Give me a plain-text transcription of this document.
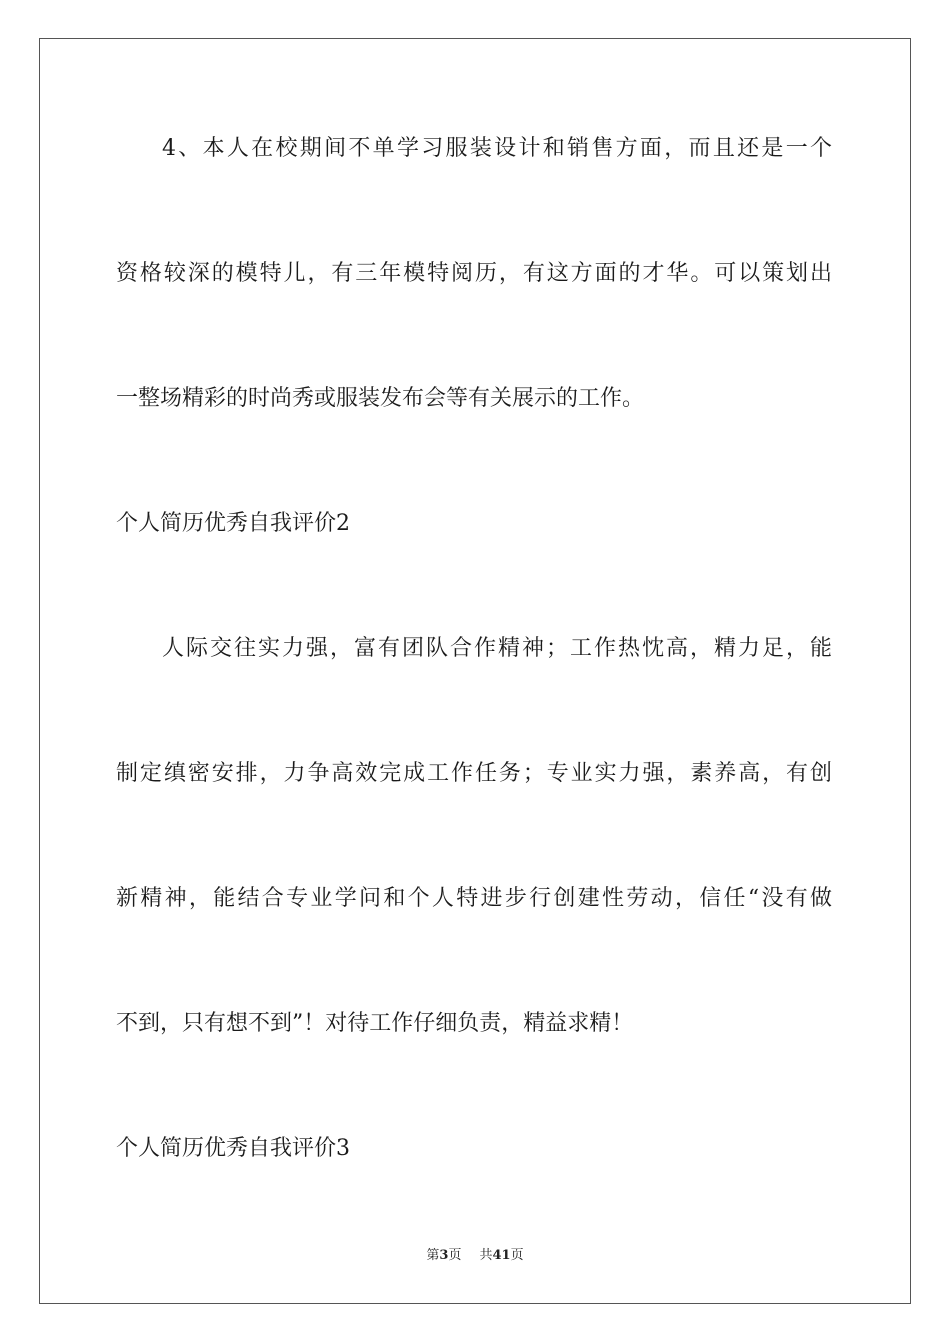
4、本人在校期间不单学习服装设计和销售方面，而且还是一个
资格较深的模特儿，有三年模特阅历，有这方面的才华。可以策划出
一整场精彩的时尚秀或服装发布会等有关展示的工作。
个人简历优秀自我评价2
人际交往实力强，富有团队合作精神；工作热忱高，精力足，能
制定缜密安排，力争高效完成工作任务；专业实力强，素养高，有创
新精神，能结合专业学问和个人特进步行创建性劳动，信任“没有做
不到，只有想不到”！对待工作仔细负责，精益求精！
个人简历优秀自我评价3
第3页 共41页
